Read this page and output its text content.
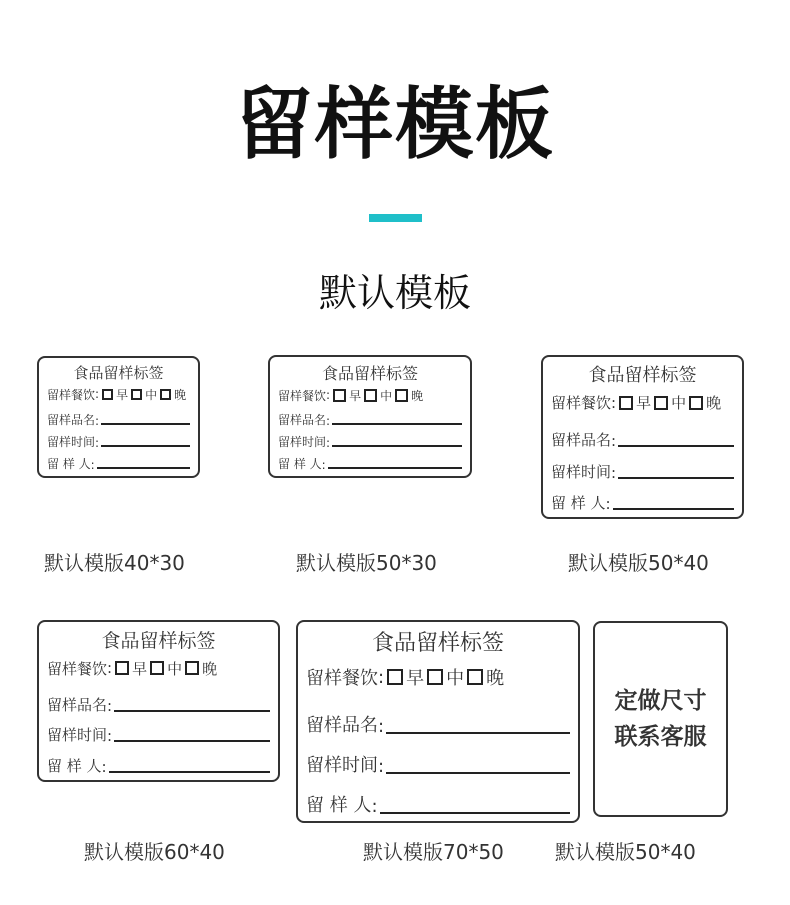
留样模板
默认模板
食品留样标签
留样餐饮 : 早 中 晚
留样品名 :
留样时间 :
留 样 人 :
默认模版40*30
食品留样标签
留样餐饮 : 早 中 晚
留样品名 :
留样时间 :
留 样 人 :
默认模版50*30
食品留样标签
留样餐饮 : 早 中 晚
留样品名 :
留样时间 :
留 样 人 :
默认模版50*40
食品留样标签
留样餐饮 : 早 中 晚
留样品名 :
留样时间 :
留 样 人 :
默认模版60*40
食品留样标签
留样餐饮 : 早 中 晚
留样品名 :
留样时间 :
留 样 人 :
默认模版70*50
定做尺寸
联系客服
默认模版50*40
